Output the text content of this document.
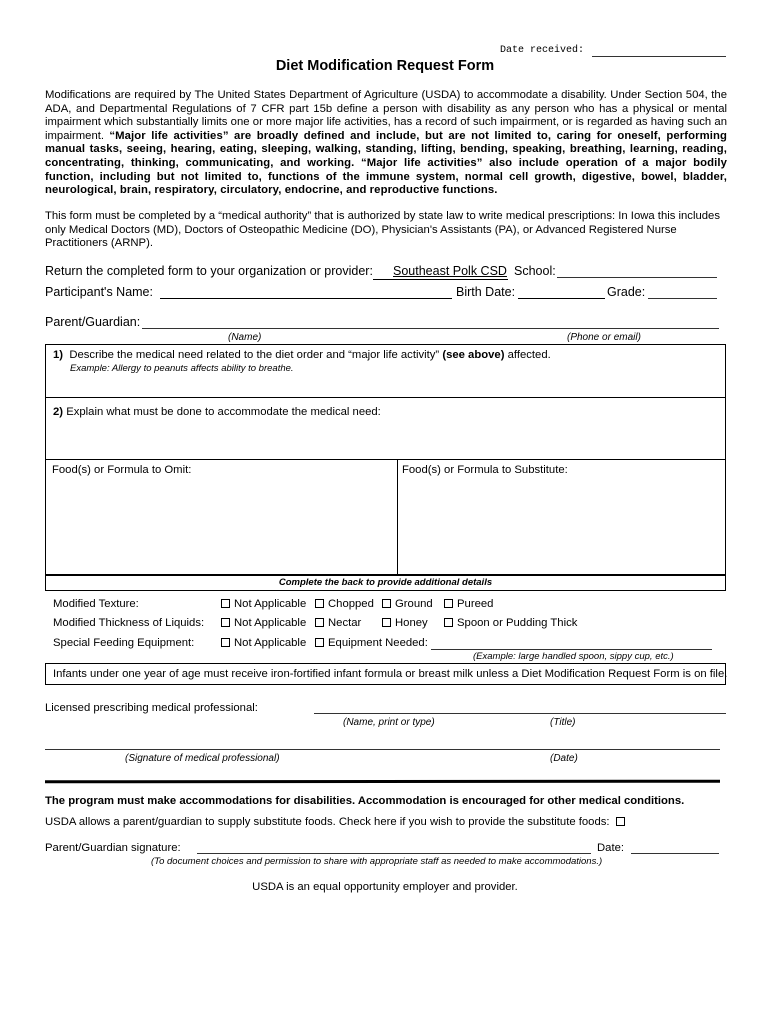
Date received:
Diet Modification Request Form
Modifications are required by The United States Department of Agriculture (USDA) to accommodate a disability. Under Section 504, the ADA, and Departmental Regulations of 7 CFR part 15b define a person with disability as any person who has a physical or mental impairment which substantially limits one or more major life activities, has a record of such impairment, or is regarded as having such an impairment. “Major life activities” are broadly defined and include, but are not limited to, caring for oneself, performing manual tasks, seeing, hearing, eating, sleeping, walking, standing, lifting, bending, speaking, breathing, learning, reading, concentrating, thinking, communicating, and working. “Major life activities” also include operation of a major bodily function, including but not limited to, functions of the immune system, normal cell growth, digestive, bowel, bladder, neurological, brain, respiratory, circulatory, endocrine, and reproductive functions.
This form must be completed by a “medical authority” that is authorized by state law to write medical prescriptions: In Iowa this includes only Medical Doctors (MD), Doctors of Osteopathic Medicine (DO), Physician's Assistants (PA), or Advanced Registered Nurse Practitioners (ARNP).
Return the completed form to your organization or provider: Southeast Polk CSD School:
Participant's Name:	Birth Date:	Grade:
Parent/Guardian:
(Name)	(Phone or email)
1) Describe the medical need related to the diet order and “major life activity” (see above) affected.
Example: Allergy to peanuts affects ability to breathe.
2) Explain what must be done to accommodate the medical need:
Food(s) or Formula to Omit:	Food(s) or Formula to Substitute:
Complete the back to provide additional details
Modified Texture:	Not Applicable	Chopped	Ground	Pureed
Modified Thickness of Liquids:	Not Applicable	Nectar	Honey	Spoon or Pudding Thick
Special Feeding Equipment:	Not Applicable	Equipment Needed:
(Example: large handled spoon, sippy cup, etc.)
Infants under one year of age must receive iron-fortified infant formula or breast milk unless a Diet Modification Request Form is on file.
Licensed prescribing medical professional:
(Name, print or type)	(Title)
(Signature of medical professional)	(Date)
The program must make accommodations for disabilities. Accommodation is encouraged for other medical conditions.
USDA allows a parent/guardian to supply substitute foods. Check here if you wish to provide the substitute foods:
Parent/Guardian signature:	Date:
(To document choices and permission to share with appropriate staff as needed to make accommodations.)
USDA is an equal opportunity employer and provider.
